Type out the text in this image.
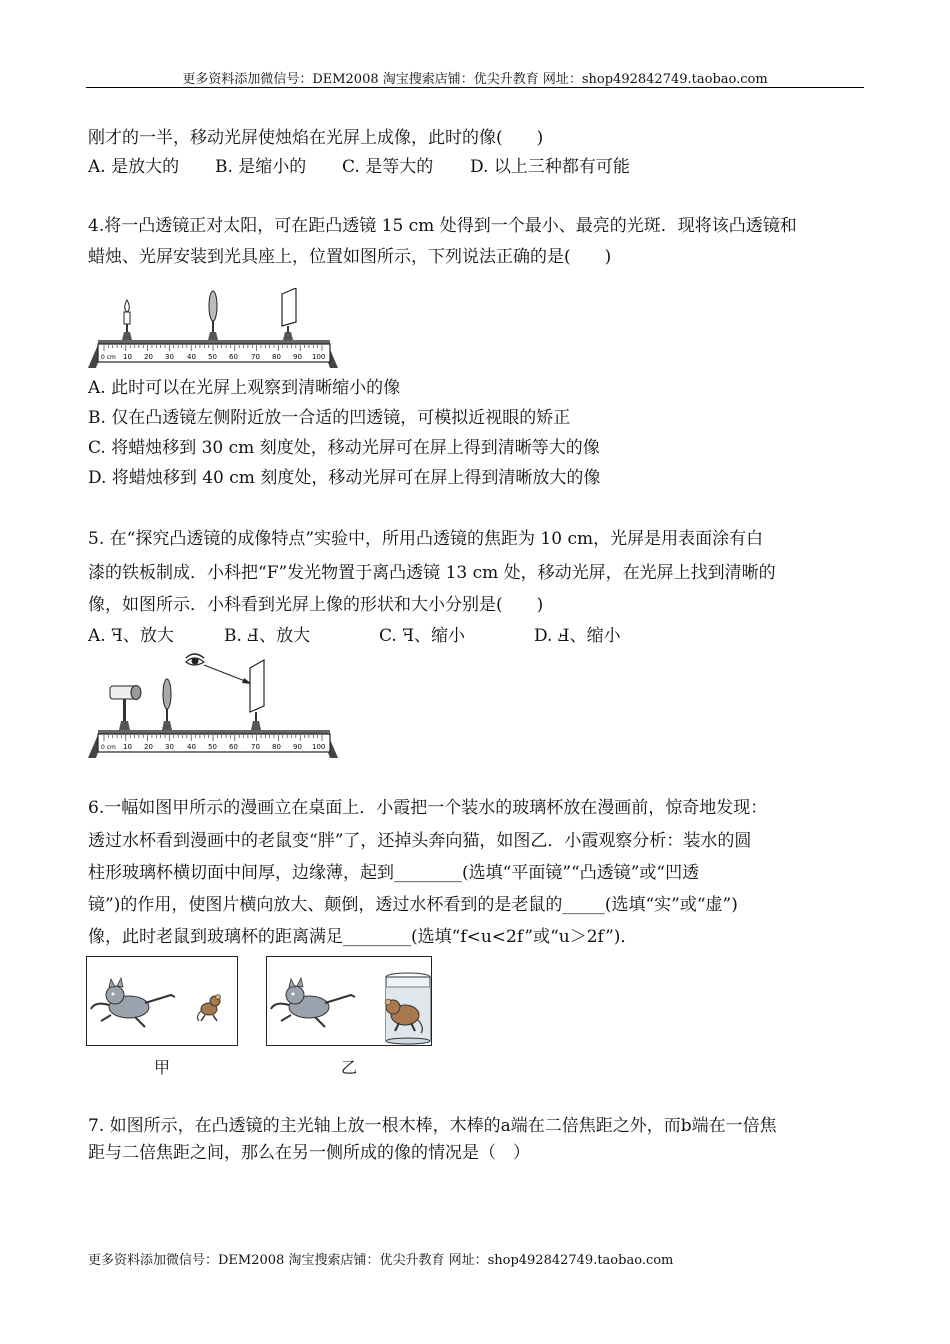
更多资料添加微信号：DEM2008 淘宝搜索店铺：优尖升教育 网址：shop492842749.taobao.com
刚才的一半，移动光屏使烛焰在光屏上成像，此时的像(　　)
A. 是放大的 B. 是缩小的 C. 是等大的 D. 以上三种都有可能
4.将一凸透镜正对太阳，可在距凸透镜 15 cm 处得到一个最小、最亮的光斑．现将该凸透镜和
蜡烛、光屏安装到光具座上，位置如图所示，下列说法正确的是(　　)
0 cm 10 20 30 40 50 60 70 80 90 100
A. 此时可以在光屏上观察到清晰缩小的像
B. 仅在凸透镜左侧附近放一合适的凹透镜，可模拟近视眼的矫正
C. 将蜡烛移到 30 cm 刻度处，移动光屏可在屏上得到清晰等大的像
D. 将蜡烛移到 40 cm 刻度处，移动光屏可在屏上得到清晰放大的像
5. 在“探究凸透镜的成像特点”实验中，所用凸透镜的焦距为 10 cm，光屏是用表面涂有白
漆的铁板制成．小科把“F”发光物置于离凸透镜 13 cm 处，移动光屏，在光屏上找到清晰的
像，如图所示．小科看到光屏上像的形状和大小分别是(　　)
A. ꟻ、放大	B. Ⅎ、放大	C. ꟻ、缩小	D. Ⅎ、缩小
0 cm 10 20 30 40 50 60 70 80 90 100
6.一幅如图甲所示的漫画立在桌面上．小霞把一个装水的玻璃杯放在漫画前，惊奇地发现：
透过水杯看到漫画中的老鼠变“胖”了，还掉头奔向猫，如图乙．小霞观察分析：装水的圆
柱形玻璃杯横切面中间厚，边缘薄，起到________(选填“平面镜”“凸透镜”或“凹透
镜”)的作用，使图片横向放大、颠倒，透过水杯看到的是老鼠的_____(选填“实”或“虚”)
像，此时老鼠到玻璃杯的距离满足________(选填“f<u<2f”或“u＞2f”)．
甲	乙
7. 如图所示，在凸透镜的主光轴上放一根木棒，木棒的a端在二倍焦距之外，而b端在一倍焦
距与二倍焦距之间，那么在另一侧所成的像的情况是（　）
更多资料添加微信号：DEM2008 淘宝搜索店铺：优尖升教育 网址：shop492842749.taobao.com
